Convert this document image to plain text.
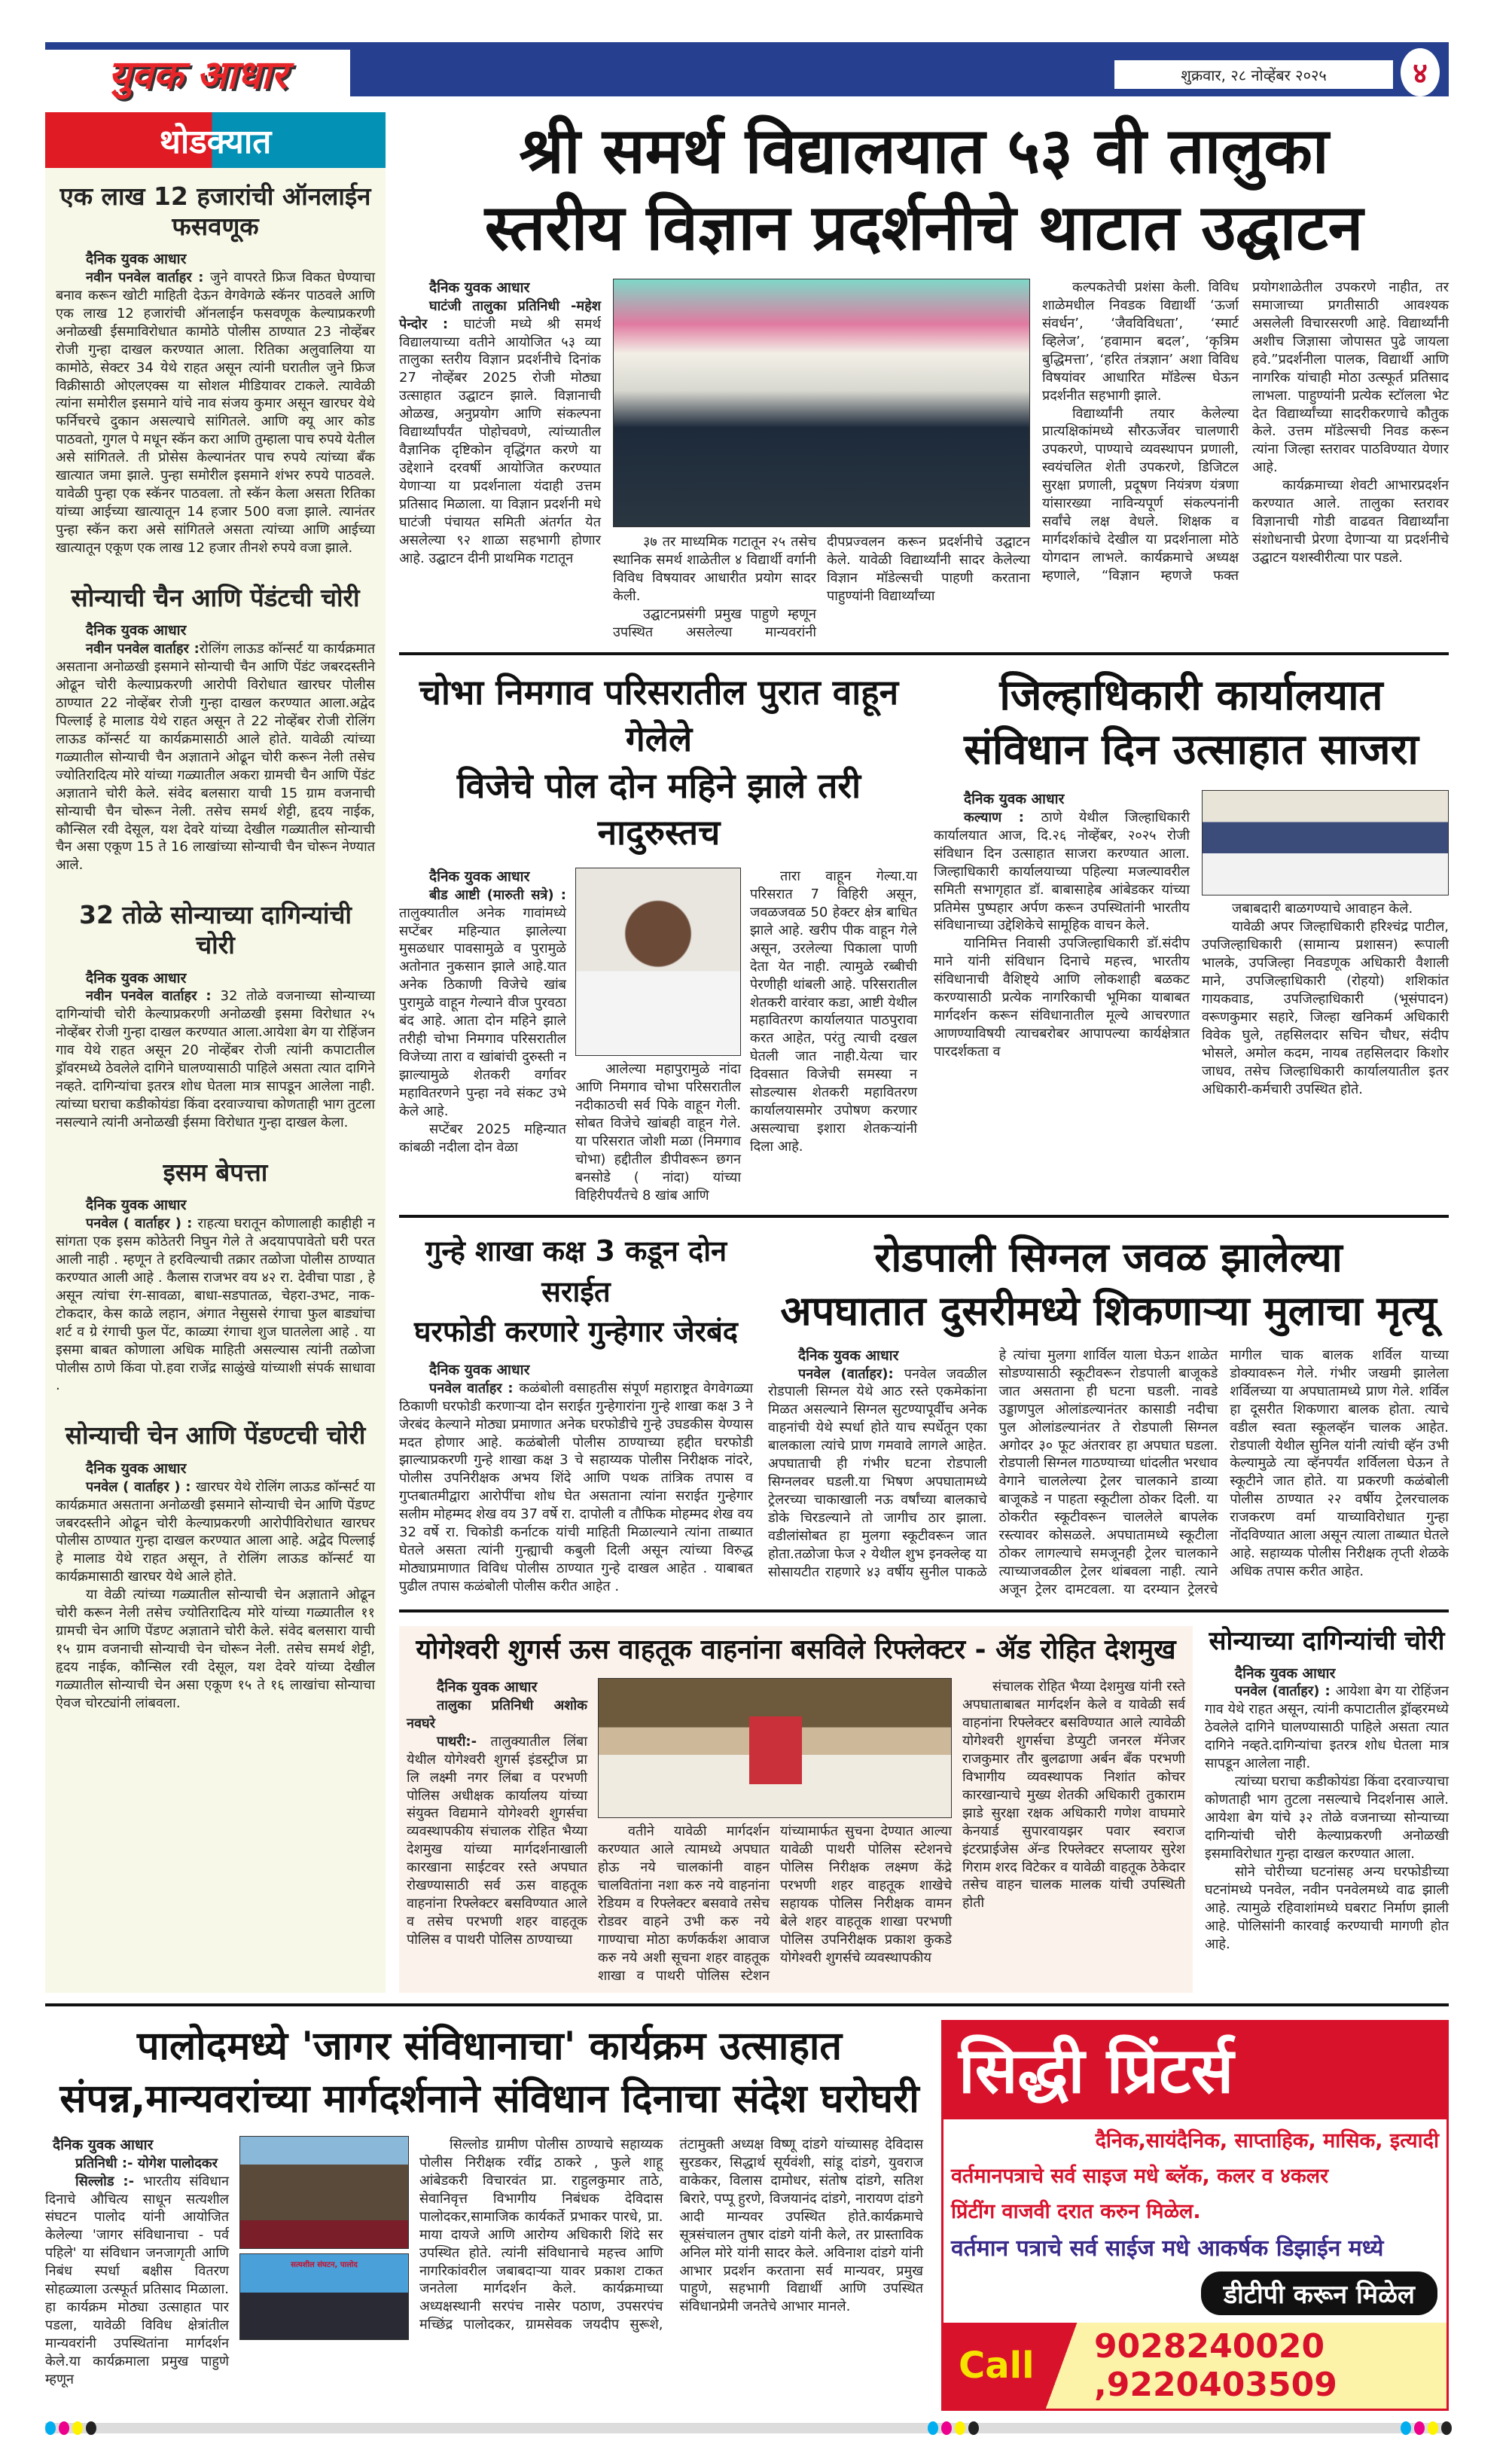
युवक आधार	शुक्रवार, २८ नोव्हेंबर २०२५	४
थोडक्यात
एक लाख 12 हजारांची ऑनलाईन फसवणूक
दैनिक युवक आधार

नवीन पनवेल वार्ताहर : जुने वापरते फ्रिज विकत घेण्याचा बनाव करून खोटी माहिती देऊन वेगवेगळे स्कॅनर पाठवले आणि एक लाख 12 हजारांची ऑनलाईन फसवणूक केल्याप्रकरणी अनोळखी ईसमाविरोधात कामोठे पोलीस ठाण्यात 23 नोव्हेंबर रोजी गुन्हा दाखल करण्यात आला. रितिका अलुवालिया या कामोठे, सेक्टर 34 येथे राहत असून त्यांनी घरातील जुने फ्रिज विक्रीसाठी ओएलएक्स या सोशल मीडियावर टाकले. त्यावेळी त्यांना समोरील इसमाने यांचे नाव संजय कुमार असून खारघर येथे फर्निचरचे दुकान असल्याचे सांगितले. आणि क्यू आर कोड पाठवतो, गुगल पे मधून स्कॅन करा आणि तुम्हाला पाच रुपये येतील असे सांगितले. ती प्रोसेस केल्यानंतर पाच रुपये त्यांच्या बँक खात्यात जमा झाले. पुन्हा समोरील इसमाने शंभर रुपये पाठवले. यावेळी पुन्हा एक स्कॅनर पाठवला. तो स्कॅन केला असता रितिका यांच्या आईच्या खात्यातून 14 हजार 500 वजा झाले. त्यानंतर पुन्हा स्कॅन करा असे सांगितले असता त्यांच्या आणि आईच्या खात्यातून एकूण एक लाख 12 हजार तीनशे रुपये वजा झाले.

सोन्याची चैन आणि पेंडंटची चोरी
दैनिक युवक आधार

नवीन पनवेल वार्ताहर :रोलिंग लाऊड कॉन्सर्ट या कार्यक्रमात असताना अनोळखी इसमाने सोन्याची चैन आणि पेंडंट जबरदस्तीने ओढून चोरी केल्याप्रकरणी आरोपी विरोधात खारघर पोलीस ठाण्यात 22 नोव्हेंबर रोजी गुन्हा दाखल करण्यात आला.अद्वेद पिल्लाई हे मालाड येथे राहत असून ते 22 नोव्हेंबर रोजी रोलिंग लाऊड कॉन्सर्ट या कार्यक्रमासाठी आले होते. यावेळी त्यांच्या गळ्यातील सोन्याची चैन अज्ञाताने ओढून चोरी करून नेली तसेच ज्योतिरादित्य मोरे यांच्या गळ्यातील अकरा ग्रामची चैन आणि पेंडंट अज्ञाताने चोरी केले. संवेद बलसारा याची 15 ग्राम वजनाची सोन्याची चैन चोरून नेली. तसेच समर्थ शेट्टी, हृदय नाईक, कौन्सिल रवी देसूल, यश देवरे यांच्या देखील गळ्यातील सोन्याची चैन असा एकूण 15 ते 16 लाखांच्या सोन्याची चैन चोरून नेण्यात आले.

32 तोळे सोन्याच्या दागिन्यांची चोरी
दैनिक युवक आधार

नवीन पनवेल वार्ताहर : 32 तोळे वजनाच्या सोन्याच्या दागिन्यांची चोरी केल्याप्रकरणी अनोळखी इसमा विरोधात २५ नोव्हेंबर रोजी गुन्हा दाखल करण्यात आला.आयेशा बेग या रोहिंजन गाव येथे राहत असून 20 नोव्हेंबर रोजी त्यांनी कपाटातील ड्रॉवरमध्ये ठेवलेले दागिने घालण्यासाठी पाहिले असता त्यात दागिने नव्हते. दागिन्यांचा इतरत्र शोध घेतला मात्र सापडून आलेला नाही. त्यांच्या घराचा कडीकोयंडा किंवा दरवाज्याचा कोणताही भाग तुटला नसल्याने त्यांनी अनोळखी ईसमा विरोधात गुन्हा दाखल केला.

इसम बेपत्ता
दैनिक युवक आधार

पनवेल ( वार्ताहर ) : राहत्या घरातून कोणालाही काहीही न सांगता एक इसम कोठेतरी निघुन गेले ते अदयापपावेतो घरी परत आली नाही . म्हणून ते हरविल्याची तक्रार तळोजा पोलीस ठाण्यात करण्यात आली आहे . कैलास राजभर वय ४२ रा. देवीचा पाडा , हे असून त्यांचा रंग-सावळा, बाधा-सडपातळ, चेहरा-उभट, नाक-टोकदार, केस काळे लहान, अंगात नेसुससे रंगाचा फुल बाड्यांचा शर्ट व ग्रे रंगाची फुल पेंट, काळ्या रंगाचा शुज घातलेला आहे . या इसमा बाबत कोणाला अधिक माहिती असल्यास त्यांनी तळोजा पोलीस ठाणे किंवा पो.हवा राजेंद्र साळुंखे यांच्याशी संपर्क साधावा .

सोन्याची चेन आणि पेंडण्टची चोरी
दैनिक युवक आधार

पनवेल ( वार्ताहर ) : खारघर येथे रोलिंग लाऊड कॉन्सर्ट या कार्यक्रमात असताना अनोळखी इसमाने सोन्याची चेन आणि पेंडण्ट जबरदस्तीने ओढून चोरी केल्याप्रकरणी आरोपीविरोधात खारघर पोलीस ठाण्यात गुन्हा दाखल करण्यात आला आहे. अद्वेद पिल्लाई हे मालाड येथे राहत असून, ते रोलिंग लाऊड कॉन्सर्ट या कार्यक्रमासाठी खारघर येथे आले होते.

या वेळी त्यांच्या गळ्यातील सोन्याची चेन अज्ञाताने ओढून चोरी करून नेली तसेच ज्योतिरादित्य मोरे यांच्या गळ्यातील ११ ग्रामची चेन आणि पेंडण्ट अज्ञाताने चोरी केले. संवेद बलसारा याची १५ ग्राम वजनाची सोन्याची चेन चोरून नेली. तसेच समर्थ शेट्टी, हृदय नाईक, कौन्सिल रवी देसूल, यश देवरे यांच्या देखील गळ्यातील सोन्याची चेन असा एकूण १५ ते १६ लाखांचा सोन्याचा ऐवज चोरट्यांनी लांबवला.

श्री समर्थ विद्यालयात ५३ वी तालुका
स्तरीय विज्ञान प्रदर्शनीचे थाटात उद्घाटन
दैनिक युवक आधार

घाटंजी तालुका प्रतिनिधी -महेश पेन्दोर : घाटंजी मध्ये श्री समर्थ विद्यालयाच्या वतीने आयोजित ५३ व्या तालुका स्तरीय विज्ञान प्रदर्शनीचे दिनांक 27 नोव्हेंबर 2025 रोजी मोठ्या उत्साहात उद्घाटन झाले. विज्ञानाची ओळख, अनुप्रयोग आणि संकल्पना विद्यार्थ्यांपर्यंत पोहोचवणे, त्यांच्यातील वैज्ञानिक दृष्टिकोन वृद्धिंगत करणे या उद्देशाने दरवर्षी आयोजित करण्यात येणाऱ्या या प्रदर्शनाला यंदाही उत्तम प्रतिसाद मिळाला. या विज्ञान प्रदर्शनी मधे घाटंजी पंचायत समिती अंतर्गत येत असलेल्या ९२ शाळा सहभागी होणार आहे. उद्घाटन दीनी प्राथमिक गटातून

३७ तर माध्यमिक गटातून २५ तसेच स्थानिक समर्थ शाळेतील ४ विद्यार्थी वर्गानी विविध विषयावर आधारीत प्रयोग सादर केली.

उद्घाटनप्रसंगी प्रमुख पाहुणे म्हणून उपस्थित असलेल्या मान्यवरांनी दीपप्रज्वलन करून प्रदर्शनीचे उद्घाटन केले. यावेळी विद्यार्थ्यांनी सादर केलेल्या विज्ञान मॉडेल्सची पाहणी करताना पाहुण्यांनी विद्यार्थ्यांच्या

कल्पकतेची प्रशंसा केली. विविध शाळेमधील निवडक विद्यार्थी ‘ऊर्जा संवर्धन’, ‘जैवविविधता’, ‘स्मार्ट व्हिलेज’, ‘हवामान बदल’, ‘कृत्रिम बुद्धिमत्ता’, ‘हरित तंत्रज्ञान’ अशा विविध विषयांवर आधारित मॉडेल्स घेऊन प्रदर्शनीत सहभागी झाले.

विद्यार्थ्यांनी तयार केलेल्या प्रात्यक्षिकांमध्ये सौरऊर्जेवर चालणारी उपकरणे, पाण्याचे व्यवस्थापन प्रणाली, स्वयंचलित शेती उपकरणे, डिजिटल सुरक्षा प्रणाली, प्रदूषण नियंत्रण यंत्रणा यांसारख्या नाविन्यपूर्ण संकल्पनांनी सर्वांचे लक्ष वेधले. शिक्षक व मार्गदर्शकांचे देखील या प्रदर्शनाला मोठे योगदान लाभले. कार्यक्रमाचे अध्यक्ष म्हणाले, “विज्ञान म्हणजे फक्त प्रयोगशाळेतील उपकरणे नाहीत, तर समाजाच्या प्रगतीसाठी आवश्यक असलेली विचारसरणी आहे. विद्यार्थ्यांनी अशीच जिज्ञासा जोपासत पुढे जायला हवे.”प्रदर्शनीला पालक, विद्यार्थी आणि नागरिक यांचाही मोठा उत्स्फूर्त प्रतिसाद लाभला. पाहुण्यांनी प्रत्येक स्टॉलला भेट देत विद्यार्थ्यांच्या सादरीकरणाचे कौतुक केले. उत्तम मॉडेल्सची निवड करून त्यांना जिल्हा स्तरावर पाठविण्यात येणार आहे.

कार्यक्रमाच्या शेवटी आभारप्रदर्शन करण्यात आले. तालुका स्तरावर विज्ञानाची गोडी वाढवत विद्यार्थ्यांना संशोधनाची प्रेरणा देणाऱ्या या प्रदर्शनीचे उद्घाटन यशस्वीरीत्या पार पडले.

चोभा निमगाव परिसरातील पुरात वाहून गेलेले
विजेचे पोल दोन महिने झाले तरी नादुरुस्तच
दैनिक युवक आधार

बीड आष्टी (मारुती सत्रे) : तालुक्यातील अनेक गावांमध्ये सप्टेंबर महिन्यात झालेल्या मुसळधार पावसामुळे व पुरामुळे अतोनात नुकसान झाले आहे.यात अनेक ठिकाणी विजेचे खांब पुरामुळे वाहून गेल्याने वीज पुरवठा बंद आहे. आता दोन महिने झाले तरीही चोभा निमगाव परिसरातील विजेच्या तारा व खांबांची दुरुस्ती न झाल्यामुळे शेतकरी वर्गावर महावितरणने पुन्हा नवे संकट उभे केले आहे.

सप्टेंबर 2025 महिन्यात कांबळी नदीला दोन वेळा

आलेल्या महापुरामुळे नांदा आणि निमगाव चोभा परिसरातील नदीकाठची सर्व पिके वाहून गेली. सोबत विजेचे खांबही वाहून गेले. या परिसरात जोशी मळा (निमगाव चोभा) हद्दीतील डीपीवरून छगन बनसोडे ( नांदा) यांच्या विहिरीपर्यंतचे 8 खांब आणि

तारा वाहून गेल्या.या परिसरात 7 विहिरी असून, जवळजवळ 50 हेक्टर क्षेत्र बाधित झाले आहे. खरीप पीक वाहून गेले असून, उरलेल्या पिकाला पाणी देता येत नाही. त्यामुळे रब्बीची पेरणीही थांबली आहे. परिसरातील शेतकरी वारंवार कडा, आष्टी येथील महावितरण कार्यालयात पाठपुरावा करत आहेत, परंतु त्याची दखल घेतली जात नाही.येत्या चार दिवसात विजेची समस्या न सोडल्यास शेतकरी महावितरण कार्यालयासमोर उपोषण करणार असल्याचा इशारा शेतकऱ्यांनी दिला आहे.

जिल्हाधिकारी कार्यालयात
संविधान दिन उत्साहात साजरा
दैनिक युवक आधार

कल्याण : ठाणे येथील जिल्हाधिकारी कार्यालयात आज, दि.२६ नोव्हेंबर, २०२५ रोजी संविधान दिन उत्साहात साजरा करण्यात आला. जिल्हाधिकारी कार्यालयाच्या पहिल्या मजल्यावरील समिती सभागृहात डॉ. बाबासाहेब आंबेडकर यांच्या प्रतिमेस पुष्पहार अर्पण करून उपस्थितांनी भारतीय संविधानाच्या उद्देशिकेचे सामूहिक वाचन केले.

यानिमित्त निवासी उपजिल्हाधिकारी डॉ.संदीप माने यांनी संविधान दिनाचे महत्त्व, भारतीय संविधानाची वैशिष्ट्ये आणि लोकशाही बळकट करण्यासाठी प्रत्येक नागरिकाची भूमिका याबाबत मार्गदर्शन करून संविधानातील मूल्ये आचरणात आणण्याविषयी त्याचबरोबर आपापल्या कार्यक्षेत्रात पारदर्शकता व

जबाबदारी बाळगण्याचे आवाहन केले.

यावेळी अपर जिल्हाधिकारी हरिश्चंद्र पाटील, उपजिल्हाधिकारी (सामान्य प्रशासन) रूपाली भालके, उपजिल्हा निवडणूक अधिकारी वैशाली माने, उपजिल्हाधिकारी (रोहयो) शशिकांत गायकवाड, उपजिल्हाधिकारी (भूसंपादन) वरूणकुमार सहारे, जिल्हा खनिकर्म अधिकारी विवेक घुले, तहसिलदार सचिन चौधर, संदीप भोसले, अमोल कदम, नायब तहसिलदार किशोर जाधव, तसेच जिल्हाधिकारी कार्यालयातील इतर अधिकारी-कर्मचारी उपस्थित होते.

गुन्हे शाखा कक्ष 3 कडून दोन सराईत
घरफोडी करणारे गुन्हेगार जेरबंद
दैनिक युवक आधार

पनवेल वार्ताहर : कळंबोली वसाहतीस संपूर्ण महाराष्ट्रत वेगवेगळ्या ठिकाणी घरफोडी करणाऱ्या दोन सराईत गुन्हेगारांना गुन्हे शाखा कक्ष 3 ने जेरबंद केल्याने मोठ्या प्रमाणात अनेक घरफोडीचे गुन्हे उघडकीस येण्यास मदत होणार आहे. कळंबोली पोलीस ठाण्याच्या हद्दीत घरफोडी झाल्याप्रकरणी गुन्हे शाखा कक्ष 3 चे सहाय्यक पोलीस निरीक्षक नांदरे, पोलीस उपनिरीक्षक अभय शिंदे आणि पथक तांत्रिक तपास व गुप्तबातमीद्वारा आरोपींचा शोध घेत असताना त्यांना सराईत गुन्हेगार सलीम मोहम्मद शेख वय 37 वर्षे रा. दापोली व तौफिक मोहम्मद शेख वय 32 वर्षे रा. चिकोडी कर्नाटक यांची माहिती मिळाल्याने त्यांना ताब्यात घेतले असता त्यांनी गुन्ह्याची कबुली दिली असून त्यांच्या विरुद्ध मोठ्याप्रमाणात विविध पोलीस ठाण्यात गुन्हे दाखल आहेत . याबाबत पुढील तपास कळंबोली पोलीस करीत आहेत .

रोडपाली सिग्नल जवळ झालेल्या
अपघातात दुसरीमध्ये शिकणाऱ्या मुलाचा मृत्यू
दैनिक युवक आधार

पनवेल (वार्ताहर): पनवेल जवळील रोडपाली सिग्नल येथे आठ रस्ते एकमेकांना मिळत असल्याने सिग्नल सुटण्यापूर्वीच अनेक वाहनांची येथे स्पर्धा होते याच स्पर्धेतून एका बालकाला त्यांचे प्राण गमवावे लागले आहेत. अपघाताची ही गंभीर घटना रोडपाली सिग्नलवर घडली.या भिषण अपघातामध्ये ट्रेलरच्या चाकाखाली नऊ वर्षांच्या बालकाचे डोके चिरडल्याने तो जागीच ठार झाला. वडीलांसोबत हा मुलगा स्कूटीवरून जात होता.तळोजा फेज २ येथील शुभ इनक्लेव्ह या सोसायटीत राहणारे ४३ वर्षीय सुनील पाकळे हे त्यांचा मुलगा शार्विल याला घेऊन शाळेत सोडण्यासाठी स्कूटीवरून रोडपाली बाजूकडे जात असताना ही घटना घडली. नावडे उड्डाणपुल ओलांडल्यानंतर कासाडी नदीचा पुल ओलांडल्यानंतर ते रोडपाली सिग्नल अगोदर ३० फूट अंतरावर हा अपघात घडला. रोडपाली सिग्नल गाठण्याच्या धांदलीत भरधाव वेगाने चाललेल्या ट्रेलर चालकाने डाव्या बाजूकडे न पाहता स्कूटीला ठोकर दिली. या ठोकरीत स्कूटीवरून चाललेले बापलेक रस्त्यावर कोसळले. अपघातामध्ये स्कूटीला ठोकर लागल्याचे समजूनही ट्रेलर चालकाने त्याच्याजवळील ट्रेलर थांबवला नाही. त्याने अजून ट्रेलर दामटवला. या दरम्यान ट्रेलरचे मागील चाक बालक शर्विल याच्या डोक्यावरून गेले. गंभीर जखमी झालेला शर्विलच्या या अपघातामध्ये प्राण गेले. शर्विल हा दूसरीत शिकणारा बालक होता. त्याचे वडील स्वता स्कूलव्हॅन चालक आहेत. रोडपाली येथील सुनिल यांनी त्यांची व्हॅन उभी केल्यामुळे त्या व्हॅनपर्यंत शर्विलला घेऊन ते स्कूटीने जात होते. या प्रकरणी कळंबोली पोलीस ठाण्यात २२ वर्षीय ट्रेलरचालक राजकरण वर्मा याच्याविरोधात गुन्हा नोंदविण्यात आला असून त्याला ताब्यात घेतले आहे. सहाय्यक पोलीस निरीक्षक तृप्ती शेळके अधिक तपास करीत आहेत.

योगेश्वरी शुगर्स ऊस वाहतूक वाहनांना बसविले रिफ्लेक्टर - ॲड रोहित देशमुख
दैनिक युवक आधार

तालुका प्रतिनिधी अशोक नवघरे

पाथरी:- तालुक्यातील लिंबा येथील योगेश्वरी शुगर्स इंडस्ट्रीज प्रा लि लक्ष्मी नगर लिंबा व परभणी पोलिस अधीक्षक कार्यालय यांच्या संयुक्त विद्यमाने योगेश्वरी शुगर्सचा व्यवस्थापकीय संचालक रोहित भैय्या देशमुख यांच्या मार्गदर्शनाखाली कारखाना साईटवर रस्ते अपघात रोखण्यासाठी सर्व ऊस वाहतूक वाहनांना रिफ्लेक्टर बसविण्यात आले व तसेच परभणी शहर वाहतूक पोलिस व पाथरी पोलिस ठाण्याच्या

वतीने यावेळी मार्गदर्शन करण्यात आले त्यामध्ये अपघात होऊ नये चालकांनी वाहन चालवितांना नशा करु नये वाहनांना रेडियम व रिफ्लेक्टर बसवावे तसेच रोडवर वाहने उभी करु नये गाण्याचा मोठा कर्णकर्कश आवाज करु नये अशी सूचना शहर वाहतूक शाखा व पाथरी पोलिस स्टेशन यांच्यामार्फत सुचना देण्यात आल्या यावेळी पाथरी पोलिस स्टेशनचे पोलिस निरीक्षक लक्ष्मण केंद्रे परभणी शहर वाहतूक शाखेचे सहायक पोलिस निरीक्षक वामन बेले शहर वाहतूक शाखा परभणी पोलिस उपनिरीक्षक प्रकाश कुकडे योगेश्वरी शुगर्सचे व्यवस्थापकीय

संचालक रोहित भैय्या देशमुख यांनी रस्ते अपघाताबाबत मार्गदर्शन केले व यावेळी सर्व वाहनांना रिफ्लेक्टर बसविण्यात आले त्यावेळी योगेश्वरी शुगर्सचा डेप्युटी जनरल मॅनेजर राजकुमार तौर बुलढाणा अर्बन बँक परभणी विभागीय व्यवस्थापक निशांत कोचर कारखान्याचे मुख्य शेतकी अधिकारी तुकाराम झाडे सुरक्षा रक्षक अधिकारी गणेश वाघमारे केनयार्ड सुपारवायझर पवार स्वराज इंटरप्राईजेस ॲन्ड रिफ्लेक्टर सप्लायर सुरेश गिराम शरद विटेकर व यावेळी वाहतूक ठेकेदार तसेच वाहन चालक मालक यांची उपस्थिती होती

सोन्याच्या दागिन्यांची चोरी
दैनिक युवक आधार

पनवेल (वार्ताहर) : आयेशा बेग या रोहिंजन गाव येथे राहत असून, त्यांनी कपाटातील ड्रॉव्हरमध्ये ठेवलेले दागिने घालण्यासाठी पाहिले असता त्यात दागिने नव्हते.दागिन्यांचा इतरत्र शोध घेतला मात्र सापडून आलेला नाही.

त्यांच्या घराचा कडीकोयंडा किंवा दरवाज्याचा कोणताही भाग तुटला नसल्याचे निदर्शनास आले. आयेशा बेग यांचे ३२ तोळे वजनाच्या सोन्याच्या दागिन्यांची चोरी केल्याप्रकरणी अनोळखी इसमाविरोधात गुन्हा दाखल करण्यात आला.

सोने चोरीच्या घटनांसह अन्य घरफोडीच्या घटनांमध्ये पनवेल, नवीन पनवेलमध्ये वाढ झाली आहे. त्यामुळे रहिवाशांमध्ये घबराट निर्माण झाली आहे. पोलिसांनी कारवाई करण्याची मागणी होत आहे.

पालोदमध्ये 'जागर संविधानाचा' कार्यक्रम उत्साहात
संपन्न,मान्यवरांच्या मार्गदर्शनाने संविधान दिनाचा संदेश घरोघरी
दैनिक युवक आधार

प्रतिनिधी :- योगेश पालोदकर

सिल्लोड :- भारतीय संविधान दिनाचे औचित्य साधून सत्यशील संघटन पालोद यांनी आयोजित केलेल्या 'जागर संविधानाचा - पर्व पहिले' या संविधान जनजागृती आणि निबंध स्पर्धा बक्षीस वितरण सोहळ्याला उत्स्फूर्त प्रतिसाद मिळाला. हा कार्यक्रम मोठ्या उत्साहात पार पडला, यावेळी विविध क्षेत्रांतील मान्यवरांनी उपस्थितांना मार्गदर्शन केले.या कार्यक्रमाला प्रमुख पाहुणे म्हणून

सत्यशील संघटन, पालोद

सिल्लोड ग्रामीण पोलीस ठाण्याचे सहाय्यक पोलीस निरीक्षक रवींद्र ठाकरे , फुले शाहू आंबेडकरी विचारवंत प्रा. राहुलकुमार ताठे, सेवानिवृत्त विभागीय निबंधक देविदास पालोदकर,सामाजिक कार्यकर्ते प्रभाकर पारधे, प्रा. माया दायजे आणि आरोग्य अधिकारी शिंदे सर उपस्थित होते. त्यांनी संविधानाचे महत्त्व आणि नागरिकांवरील जबाबदाऱ्या यावर प्रकाश टाकत जनतेला मार्गदर्शन केले. कार्यक्रमाच्या अध्यक्षस्थानी सरपंच नासेर पठाण, उपसरपंच मच्छिंद्र पालोदकर, ग्रामसेवक जयदीप सुरूशे, तंटामुक्ती अध्यक्ष विष्णू दांडगे यांच्यासह देविदास सुरडकर, सिद्धार्थ सूर्यवंशी, सांडू दांडगे, युवराज वाकेकर, विलास दामोधर, संतोष दांडगे, सतिश बिरारे, पप्पू हुरणे, विजयानंद दांडगे, नारायण दांडगे आदी मान्यवर उपस्थित होते.कार्यक्रमाचे सूत्रसंचालन तुषार दांडगे यांनी केले, तर प्रास्ताविक अनिल मोरे यांनी सादर केले. अविनाश दांडगे यांनी आभार प्रदर्शन करताना सर्व मान्यवर, प्रमुख पाहुणे, सहभागी विद्यार्थी आणि उपस्थित संविधानप्रेमी जनतेचे आभार मानले.

सिद्धी प्रिंटर्स
दैनिक,सायंदैनिक, साप्ताहिक, मासिक, इत्यादी
वर्तमानपत्राचे सर्व साइज मधे ब्लॅक, कलर व ४कलर
प्रिंटींग वाजवी दरात करुन मिळेल.
वर्तमान पत्राचे सर्व साईज मधे आकर्षक डिझाईन मध्ये
डीटीपी करून मिळेल
Call	9028240020 ,9220403509
